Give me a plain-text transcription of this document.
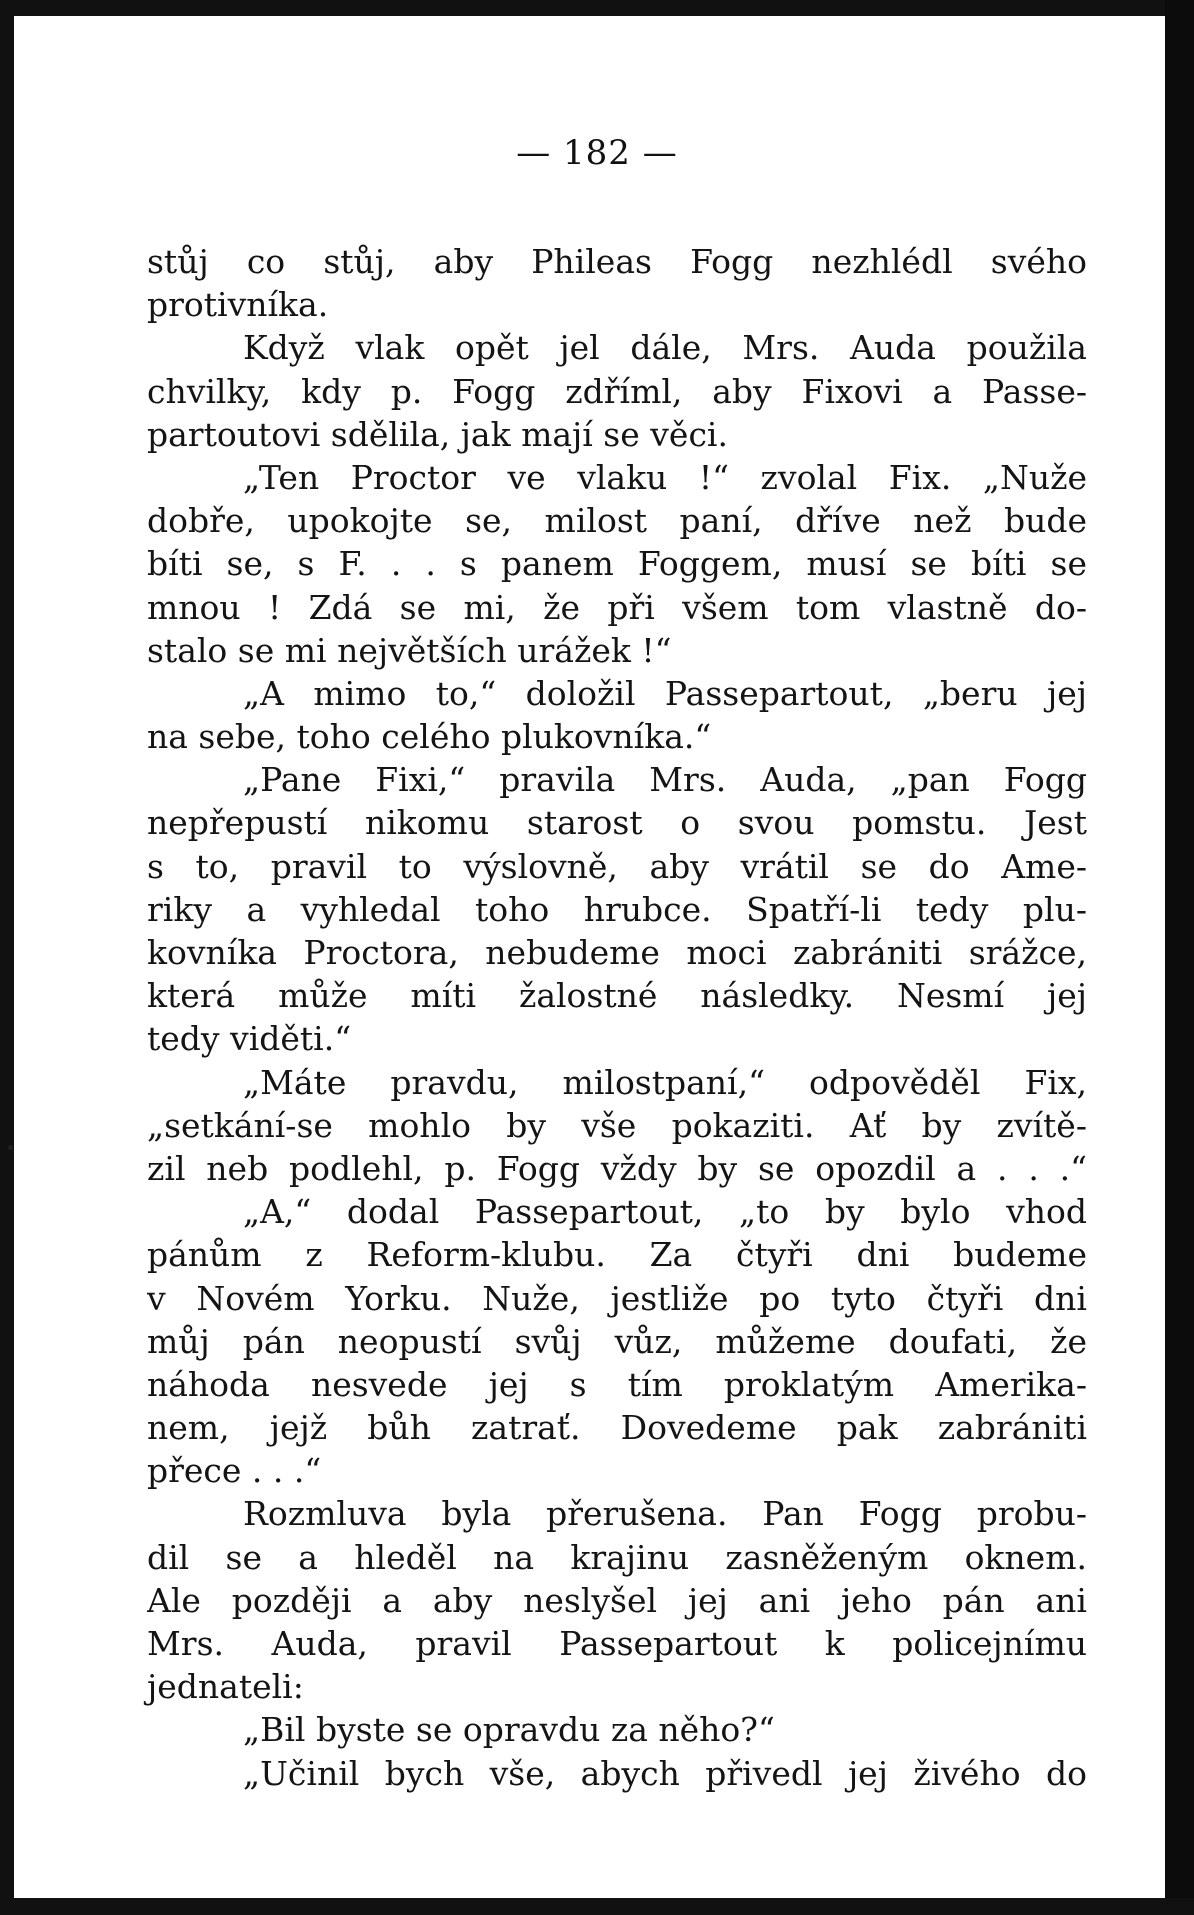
— 182 —
stůj co stůj, aby Phileas Fogg nezhlédl svého
protivníka.
Když vlak opět jel dále, Mrs. Auda použila
chvilky, kdy p. Fogg zdříml, aby Fixovi a Passe-
partoutovi sdělila, jak mají se věci.
„Ten Proctor ve vlaku !“ zvolal Fix. „Nuže
dobře, upokojte se, milost paní, dříve než bude
bíti se, s F. . . s panem Foggem, musí se bíti se
mnou ! Zdá se mi, že při všem tom vlastně do-
stalo se mi největších urážek !“
„A mimo to,“ doložil Passepartout, „beru jej
na sebe, toho celého plukovníka.“
„Pane Fixi,“ pravila Mrs. Auda, „pan Fogg
nepřepustí nikomu starost o svou pomstu. Jest
s to, pravil to výslovně, aby vrátil se do Ame-
riky a vyhledal toho hrubce. Spatří-li tedy plu-
kovníka Proctora, nebudeme moci zabrániti srážce,
která může míti žalostné následky. Nesmí jej
tedy viděti.“
„Máte pravdu, milostpaní,“ odpověděl Fix,
„setkání-se mohlo by vše pokaziti. Ať by zvítě-
zil neb podlehl, p. Fogg vždy by se opozdil a . . .“
„A,“ dodal Passepartout, „to by bylo vhod
pánům z Reform-klubu. Za čtyři dni budeme
v Novém Yorku. Nuže, jestliže po tyto čtyři dni
můj pán neopustí svůj vůz, můžeme doufati, že
náhoda nesvede jej s tím proklatým Amerika-
nem, jejž bůh zatrať. Dovedeme pak zabrániti
přece . . .“
Rozmluva byla přerušena. Pan Fogg probu-
dil se a hleděl na krajinu zasněženým oknem.
Ale později a aby neslyšel jej ani jeho pán ani
Mrs. Auda, pravil Passepartout k policejnímu
jednateli:
„Bil byste se opravdu za něho?“
„Učinil bych vše, abych přivedl jej živého do
